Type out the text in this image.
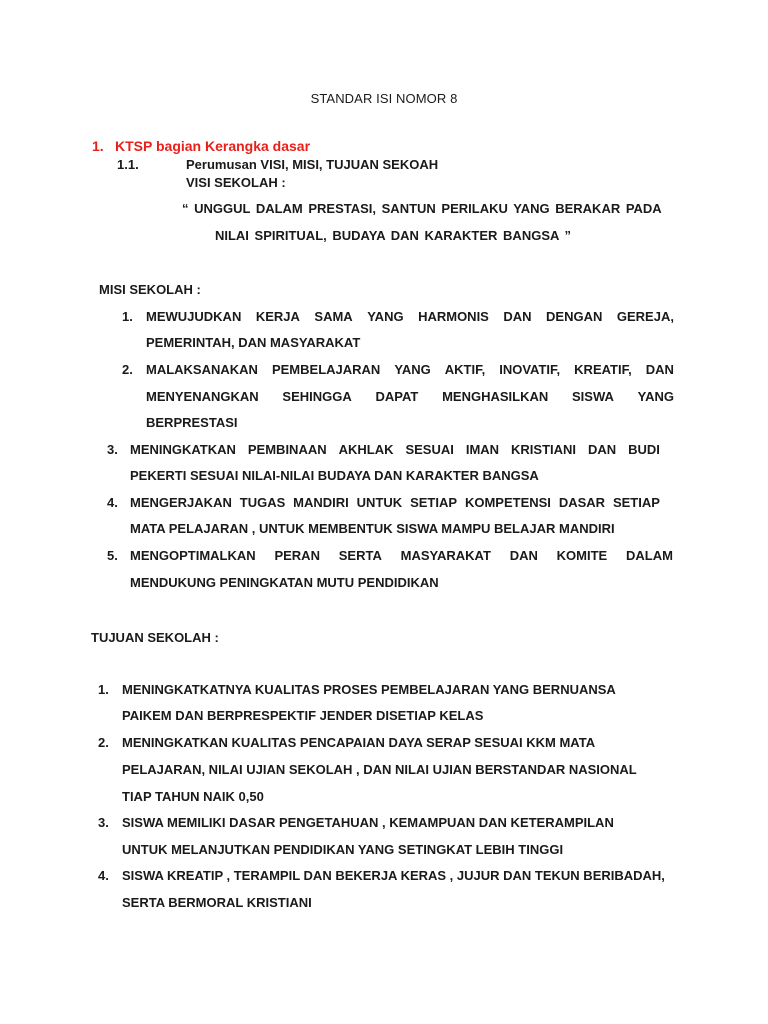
STANDAR ISI NOMOR 8
1. KTSP bagian Kerangka dasar
1.1.	Perumusan VISI, MISI, TUJUAN SEKOAH
VISI SEKOLAH :
“ UNGGUL DALAM PRESTASI, SANTUN PERILAKU YANG BERAKAR PADA
NILAI SPIRITUAL, BUDAYA DAN KARAKTER BANGSA ”
MISI SEKOLAH :
1. MEWUJUDKAN KERJA SAMA YANG HARMONIS DAN DENGAN GEREJA,
PEMERINTAH, DAN MASYARAKAT
2. MALAKSANAKAN PEMBELAJARAN YANG AKTIF, INOVATIF, KREATIF, DAN
MENYENANGKAN SEHINGGA DAPAT MENGHASILKAN SISWA YANG
BERPRESTASI
3. MENINGKATKAN PEMBINAAN AKHLAK SESUAI IMAN KRISTIANI DAN BUDI
PEKERTI SESUAI NILAI-NILAI BUDAYA DAN KARAKTER BANGSA
4. MENGERJAKAN TUGAS MANDIRI UNTUK SETIAP KOMPETENSI DASAR SETIAP
MATA PELAJARAN , UNTUK MEMBENTUK SISWA MAMPU BELAJAR MANDIRI
5. MENGOPTIMALKAN PERAN SERTA MASYARAKAT DAN KOMITE DALAM
MENDUKUNG PENINGKATAN MUTU PENDIDIKAN
TUJUAN SEKOLAH :
1. MENINGKATKATNYA KUALITAS PROSES PEMBELAJARAN YANG BERNUANSA
PAIKEM DAN BERPRESPEKTIF JENDER DISETIAP KELAS
2. MENINGKATKAN KUALITAS PENCAPAIAN DAYA SERAP SESUAI KKM MATA
PELAJARAN, NILAI UJIAN SEKOLAH , DAN NILAI UJIAN BERSTANDAR NASIONAL
TIAP TAHUN NAIK 0,50
3. SISWA MEMILIKI DASAR PENGETAHUAN , KEMAMPUAN DAN KETERAMPILAN
UNTUK MELANJUTKAN PENDIDIKAN YANG SETINGKAT LEBIH TINGGI
4. SISWA KREATIP , TERAMPIL DAN BEKERJA KERAS , JUJUR DAN TEKUN BERIBADAH,
SERTA BERMORAL KRISTIANI
